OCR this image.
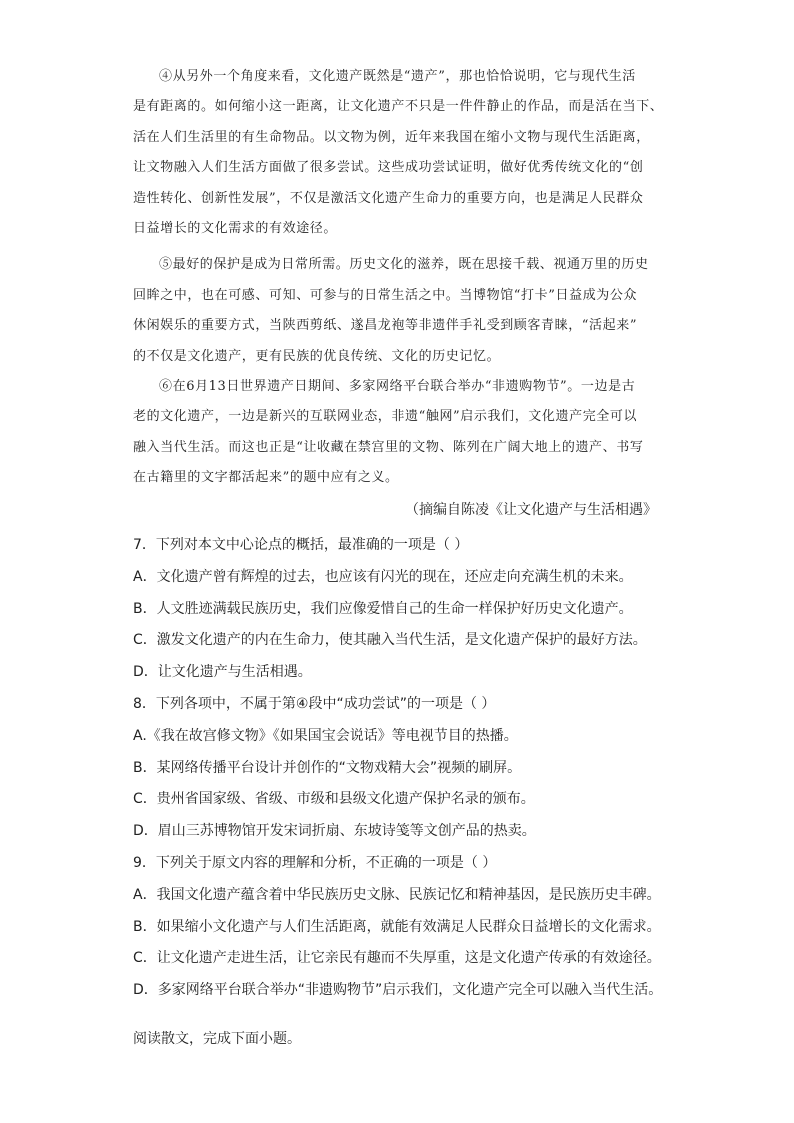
④从另外一个角度来看，文化遗产既然是“遗产”，那也恰恰说明，它与现代生活

是有距离的。如何缩小这一距离，让文化遗产不只是一件件静止的作品，而是活在当下、

活在人们生活里的有生命物品。以文物为例，近年来我国在缩小文物与现代生活距离，

让文物融入人们生活方面做了很多尝试。这些成功尝试证明，做好优秀传统文化的“创

造性转化、创新性发展”，不仅是激活文化遗产生命力的重要方向，也是满足人民群众

日益增长的文化需求的有效途径。

⑤最好的保护是成为日常所需。历史文化的滋养，既在思接千载、视通万里的历史

回眸之中，也在可感、可知、可参与的日常生活之中。当博物馆“打卡”日益成为公众

休闲娱乐的重要方式，当陕西剪纸、遂昌龙袍等非遗伴手礼受到顾客青睐，“活起来”

的不仅是文化遗产，更有民族的优良传统、文化的历史记忆。

⑥在6月13日世界遗产日期间、多家网络平台联合举办“非遗购物节”。一边是古

老的文化遗产，一边是新兴的互联网业态，非遗“触网”启示我们，文化遗产完全可以

融入当代生活。而这也正是“让收藏在禁宫里的文物、陈列在广阔大地上的遗产、书写

在古籍里的文字都活起来”的题中应有之义。

（摘编自陈凌《让文化遗产与生活相遇》
7．下列对本文中心论点的概括，最准确的一项是（ ）
A．文化遗产曾有辉煌的过去，也应该有闪光的现在，还应走向充满生机的未来。
B．人文胜迹满载民族历史，我们应像爱惜自己的生命一样保护好历史文化遗产。
C．激发文化遗产的内在生命力，使其融入当代生活，是文化遗产保护的最好方法。
D．让文化遗产与生活相遇。
8．下列各项中，不属于第④段中“成功尝试”的一项是（ ）
A.《我在故宫修文物》《如果国宝会说话》等电视节目的热播。
B．某网络传播平台设计并创作的“文物戏精大会”视频的刷屏。
C．贵州省国家级、省级、市级和县级文化遗产保护名录的颁布。
D．眉山三苏博物馆开发宋词折扇、东坡诗笺等文创产品的热卖。
9．下列关于原文内容的理解和分析，不正确的一项是（ ）
A．我国文化遗产蕴含着中华民族历史文脉、民族记忆和精神基因，是民族历史丰碑。
B．如果缩小文化遗产与人们生活距离，就能有效满足人民群众日益增长的文化需求。
C．让文化遗产走进生活，让它亲民有趣而不失厚重，这是文化遗产传承的有效途径。
D．多家网络平台联合举办“非遗购物节”启示我们，文化遗产完全可以融入当代生活。
阅读散文，完成下面小题。
